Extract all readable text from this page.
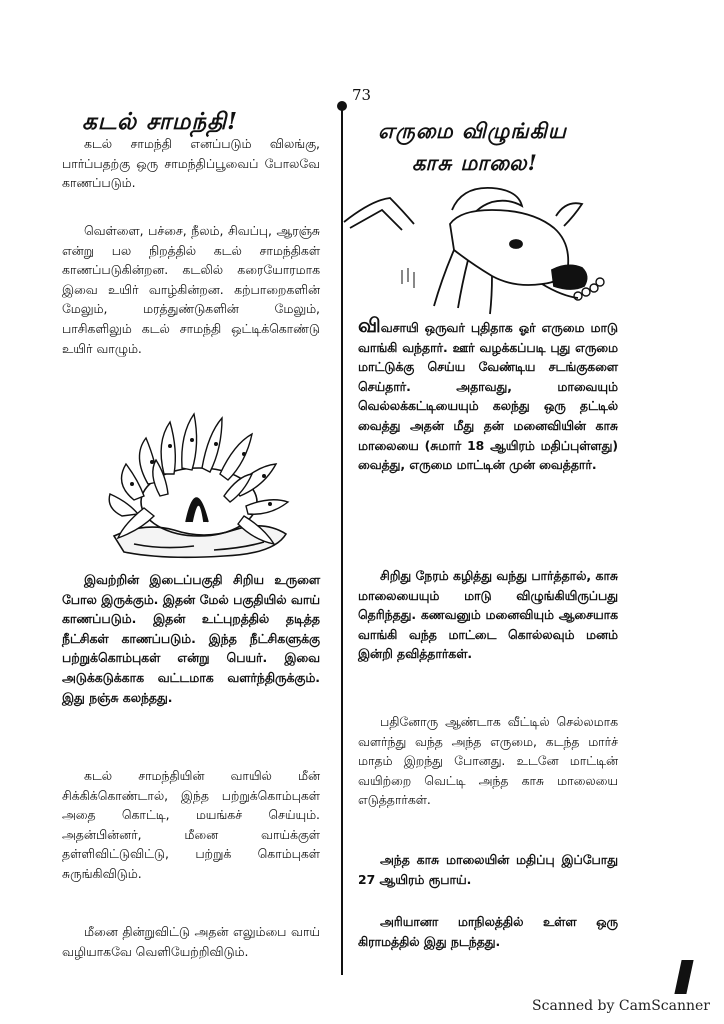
73
கடல் சாமந்தி!

கடல் சாமந்தி எனப்படும் விலங்கு, பார்ப்பதற்கு ஒரு சாமந்திப்பூவைப் போலவே காணப்படும்.

வெள்ளை, பச்சை, நீலம், சிவப்பு, ஆரஞ்சு என்று பல நிறத்தில் கடல் சாமந்திகள் காணப்படுகின்றன. கடலில் கரையோரமாக இவை உயிர் வாழ்கின்றன. கற்பாறைகளின் மேலும், மரத்துண்டுகளின் மேலும், பாசிகளிலும் கடல் சாமந்தி ஒட்டிக்கொண்டு உயிர் வாழும்.

இவற்றின் இடைப்பகுதி சிறிய உருளை போல இருக்கும். இதன் மேல் பகுதியில் வாய் காணப்படும். இதன் உட்புறத்தில் தடித்த நீட்சிகள் காணப்படும். இந்த நீட்சிகளுக்கு பற்றுக்கொம்புகள் என்று பெயர். இவை அடுக்கடுக்காக வட்டமாக வளர்ந்திருக்கும். இது நஞ்சு கலந்தது.

கடல் சாமந்தியின் வாயில் மீன் சிக்கிக்கொண்டால், இந்த பற்றுக்கொம்புகள் அதை கொட்டி, மயங்கச் செய்யும். அதன்பின்னர், மீனை வாய்க்குள் தள்ளிவிட்டுவிட்டு, பற்றுக் கொம்புகள் சுருங்கிவிடும்.

மீனை தின்றுவிட்டு அதன் எலும்பை வாய் வழியாகவே வெளியேற்றிவிடும்.

எருமை விழுங்கிய
காசு மாலை!

விவசாயி ஒருவர் புதிதாக ஓர் எருமை மாடு வாங்கி வந்தார். ஊர் வழக்கப்படி புது எருமை மாட்டுக்கு செய்ய வேண்டிய சடங்குகளை செய்தார். அதாவது, மாவையும் வெல்லக்கட்டியையும் கலந்து ஒரு தட்டில் வைத்து அதன் மீது தன் மனைவியின் காசு மாலையை (சுமார் 18 ஆயிரம் மதிப்புள்ளது) வைத்து, எருமை மாட்டின் முன் வைத்தார்.

சிறிது நேரம் கழித்து வந்து பார்த்தால், காசு மாலையையும் மாடு விழுங்கியிருப்பது தெரிந்தது. கணவனும் மனைவியும் ஆசையாக வாங்கி வந்த மாட்டை கொல்லவும் மனம் இன்றி தவித்தார்கள்.

பதினோரு ஆண்டாக வீட்டில் செல்லமாக வளர்ந்து வந்த அந்த எருமை, கடந்த மார்ச் மாதம் இறந்து போனது. உடனே மாட்டின் வயிற்றை வெட்டி அந்த காசு மாலையை எடுத்தார்கள்.

அந்த காசு மாலையின் மதிப்பு இப்போது 27 ஆயிரம் ரூபாய்.

அரியானா மாநிலத்தில் உள்ள ஒரு கிராமத்தில் இது நடந்தது.

Scanned by CamScanner
